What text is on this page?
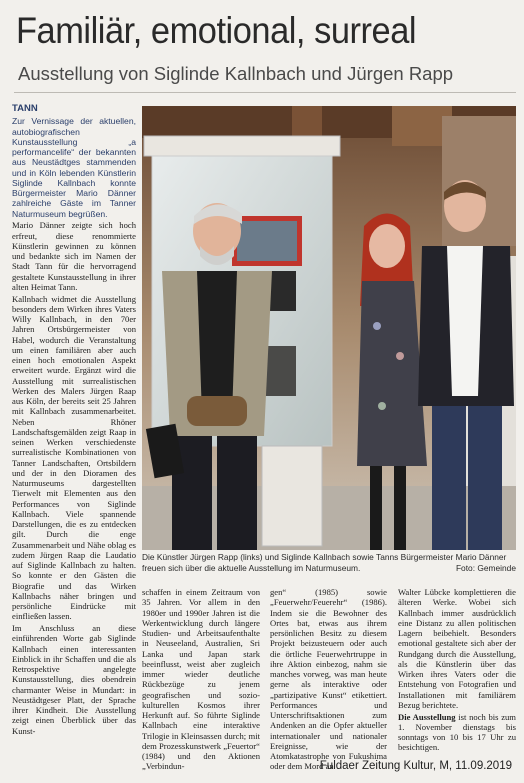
Familiär, emotional, surreal
Ausstellung von Siglinde Kallnbach und Jürgen Rapp
TANN

Zur Vernissage der aktuellen, autobiografischen Kunstausstellung „a performancelife“ der bekannten aus Neustädtges stammenden und in Köln lebenden Künstlerin Siglinde Kallnbach konnte Bürgermeister Mario Dänner zahlreiche Gäste im Tanner Naturmuseum begrüßen.

Mario Dänner zeigte sich hoch erfreut, diese renommierte Künstlerin gewinnen zu können und bedankte sich im Namen der Stadt Tann für die hervorragend gestaltete Kunstausstellung in ihrer alten Heimat Tann.

Kallnbach widmet die Ausstellung besonders dem Wirken ihres Vaters Willy Kallnbach, in den 70er Jahren Ortsbürgermeister von Habel, wodurch die Veranstaltung um einen familiären aber auch einen hoch emotionalen Aspekt erweitert wurde. Ergänzt wird die Ausstellung mit surrealistischen Werken des Malers Jürgen Raap aus Köln, der bereits seit 25 Jahren mit Kallnbach zusammenarbeitet. Neben Rhöner Landschaftsgemälden zeigt Raap in seinen Werken verschiedenste surrealistische Kombinationen von Tanner Landschaften, Ortsbildern und der in den Dioramen des Naturmuseums dargestellten Tierwelt mit Elementen aus den Performances von Siglinde Kallnbach. Viele spannende Darstellungen, die es zu entdecken gilt. Durch die enge Zusammenarbeit und Nähe oblag es zudem Jürgen Raap die Laudatio auf Siglinde Kallnbach zu halten. So konnte er den Gästen die Biografie und das Wirken Kallnbachs näher bringen und persönliche Eindrücke mit einfließen lassen.

Im Anschluss an diese einführenden Worte gab Siglinde Kallnbach einen interessanten Einblick in ihr Schaffen und die als Retrospektive angelegte Kunstausstellung, dies obendrein charmanter Weise in Mundart: in Neustädtgeser Platt, der Sprache ihrer Kindheit. Die Ausstellung zeigt einen Überblick über das Kunst-

Die Künstler Jürgen Rapp (links) und Siglinde Kallnbach sowie Tanns Bürgermeister Mario Dänner freuen sich über die aktuelle Ausstellung im Naturmuseum.	Foto: Gemeinde

schaffen in einem Zeitraum von 35 Jahren. Vor allem in den 1980er und 1990er Jahren ist die Werkentwicklung durch längere Studien- und Arbeitsaufenthalte in Neuseeland, Australien, Sri Lanka und Japan stark beeinflusst, weist aber zugleich immer wieder deutliche Rückbezüge zu jenem geografischen und sozio-kulturellen Kosmos ihrer Herkunft auf. So führte Siglinde Kallnbach eine interaktive Trilogie in Kleinsassen durch; mit dem Prozesskunstwerk „Feuertor“ (1984) und den Aktionen „Verbindun-

gen“ (1985) sowie „Feuerwehr/Feuerehr“ (1986). Indem sie die Bewohner des Ortes bat, etwas aus ihrem persönlichen Besitz zu diesem Projekt beizusteuern oder auch die örtliche Feuerwehrtruppe in ihre Aktion einbezog, nahm sie manches vorweg, was man heute gerne als interaktive oder „partizipative Kunst“ etikettiert. Performances und Unterschriftsaktionen zum Andenken an die Opfer aktueller internationaler und nationaler Ereignisse, wie der Atomkatastrophe von Fukushima oder dem Mord an

Walter Lübcke komplettieren die älteren Werke. Wobei sich Kallnbach immer ausdrücklich eine Distanz zu allen politischen Lagern beibehielt. Besonders emotional gestaltete sich aber der Rundgang durch die Ausstellung, als die Künstlerin über das Wirken ihres Vaters oder die Entstehung von Fotografien und Installationen mit familiärem Bezug berichtete.

Die Ausstellung ist noch bis zum 1. November dienstags bis sonntags von 10 bis 17 Uhr zu besichtigen.

Fuldaer Zeitung Kultur, M, 11.09.2019
